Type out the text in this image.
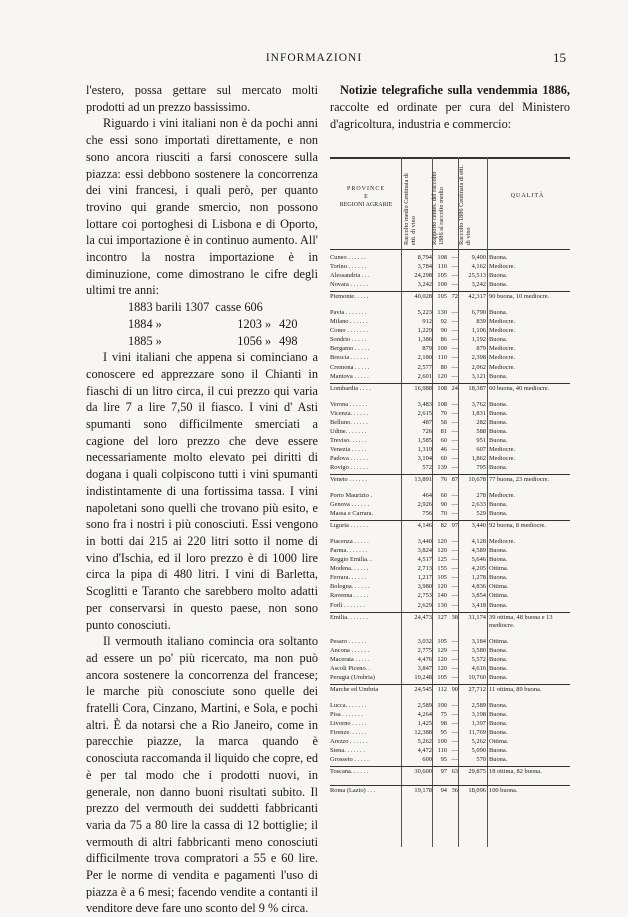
INFORMAZIONI	15
l'estero, possa gettare sul mercato molti
prodotti ad un prezzo bassissimo.

Riguardo i vini italiani non è da pochi anni che essi sono importati direttamente, e non sono ancora riusciti a farsi conoscere sulla piazza: essi debbono sostenere la concorrenza dei vini francesi, i quali però, per quanto trovino qui grande smercio, non possono lottare coi portoghesi di Lisbona e di Oporto, la cui importazione è in continuo aumento. All' incontro la nostra importazione è in diminuzione, come dimostrano le cifre degli ultimi tre anni:

1883 barili 1307	casse 606	
1884 »	1203 »	420
1885 »	1056 »	498

I vini italiani che appena si cominciano a conoscere ed apprezzare sono il Chianti in fiaschi di un litro circa, il cui prezzo qui varia da lire 7 a lire 7,50 il fiasco. I vini d' Asti spumanti sono difficilmente smerciati a cagione del loro prezzo che deve essere necessariamente molto elevato pei diritti di dogana i quali colpiscono tutti i vini spumanti indistintamente di una fortissima tassa. I vini napoletani sono quelli che trovano più esito, e sono fra i nostri i più conosciuti. Essi vengono in botti dai 215 ai 220 litri sotto il nome di vino d'Ischia, ed il loro prezzo è di 1000 lire circa la pipa di 480 litri. I vini di Barletta, Scoglitti e Taranto che sarebbero molto adatti per conservarsi in questo paese, non sono punto conosciuti.

Il vermouth italiano comincia ora soltanto ad essere un po' più ricercato, ma non può ancora sostenere la concorrenza del francese; le marche più conosciute sono quelle dei fratelli Cora, Cinzano, Martini, e Sola, e pochi altri. È da notarsi che a Rio Janeiro, come in parecchie piazze, la marca quando è conosciuta raccomanda il liquido che copre, ed è per tal modo che i prodotti nuovi, in generale, non danno buoni risultati subito. Il prezzo del vermouth dei suddetti fabbricanti varia da 75 a 80 lire la cassa di 12 bottiglie; il vermouth di altri fabbricanti meno conosciuti difficilmente trova compratori a 55 e 60 lire. Per le norme di vendita e pagamenti l'uso di piazza è a 6 mesi; facendo vendite a contanti il venditore deve fare uno sconto del 9 % circa.

Notizie telegrafiche sulla vendemmia 1886, raccolte ed ordinate per cura del Ministero d'agricoltura, industria e commercio:
PROVINCE
E
REGIONI AGRARIE	Raccolto medio Centinaia di etti. di vino	Rapporto centes. del raccolto 1886 al raccolto medio	Raccolto 1886 Centinaia di etti. di vino
QUALITÀ
Cuneo . . . . . .	8,794 108 —	9,400 Buona.
Torino . . . . . .	3,784 110 —	4,162 Mediocre.
Alessandria . . .	24,298 105 —	25,513 Buona.
Novara . . . . . .	3,242 100 —	3,242 Buona.
Piemonte. . . . .	40,028 105 72	42,317 90 buona, 10 mediocre.
Pavia . . . . . . .	5,223 130 —	6,790 Buona.
Milano . . . . . .	912	92 —	839 Mediocre.
Como . . . . . . .	1,229	90 —	1,106 Mediocre.
Sondrio . . . . .	1,386	86 —	1,192 Buona.
Bergamo . . . . .	879 100 —	879 Mediocre.
Brescia . . . . . .	2,180 110 —	2,398 Mediocre.
Cremona . . . . .	2,577	80 —	2,062 Mediocre.
Mantova . . . . .	2,601 120 —	3,121 Buona.
Lombardia . . . .	16,988 108 24	18,387 60 buona, 40 mediocre.
Verona . . . . . .	3,483 108 —	3,762 Buona.
Vicenza. . . . . .	2,615	70 —	1,831 Buona.
Belluno. . . . . .	487	58 —	282 Buona.
Udine. . . . . . .	726	81 —	588 Buona.
Treviso. . . . . .	1,585	60 —	951 Buona.
Venezia . . . . .	1,319	46 —	607 Mediocre.
Padova . . . . . .	3,104	60 —	1,862 Mediocre.
Rovigo . . . . . .	572 139 —	795 Buona.
Veneto . . . . . .	13,891	76 87	10,678 77 buona, 23 mediocre.
Porto Maurizio .	464	60 —	278 Mediocre.
Genova . . . . . .	2,926	90 —	2,633 Buona.
Massa e Carrara.	756	70 —	529 Buona.
Liguria . . . . . .	4,146	82 97	3,440 92 buona, 8 mediocre.
Piacenza . . . . .	3,440 120 —	4,128 Mediocre.
Parma. . . . . . .	3,824 120 —	4,589 Buona.
Reggio Emilia. .	4,517 125 —	5,646 Buona.
Modena. . . . . .	2,713 155 —	4,205 Ottima.
Ferrara. . . . . .	1,217 105 —	1,278 Buona.
Bologna. . . . . .	3,980 120 —	4,836 Ottima.
Ravenna . . . . .	2,753 140 —	3,854 Ottima.
Forlì . . . . . . .	2,629 130 —	3,418 Buona.
Emilia. . . . . . .	24,473 127 38	31,174 39 ottima, 48 buona e 13 mediocre.
Pesaro . . . . . .	3,032 105 —	3,184 Ottima.
Ancona . . . . . .	2,775 129 —	3,580 Buona.
Macerata . . . . .	4,476 120 —	5,572 Buona.
Ascoli Piceno. .	3,847 120 —	4,616 Buona.
Perugia (Umbria)	10,248 105 —	10,760 Buona.
Marche ed Umbria	24,545 112 90	27,712 11 ottima, 89 buona.
Lucca. . . . . . .	2,589 100 —	2,589 Buona.
Pisa . . . . . . .	4,264	75 —	3,198 Buona.
Livorno . . . . .	1,425	98 —	1,397 Buona.
Firenze. . . . . .	12,388	95 —	11,769 Buona.
Arezzo . . . . . .	5,262 100 —	5,262 Ottima.
Siena. . . . . . .	4,472 110 —	5,090 Buona.
Grosseto . . . . .	600	95 —	570 Buona.
Toscana. . . . . .	30,600	97 63	29,875 18 ottima, 82 buona.
Roma (Lazio) . . .	19,178	94 36	18,096 100 buona.
